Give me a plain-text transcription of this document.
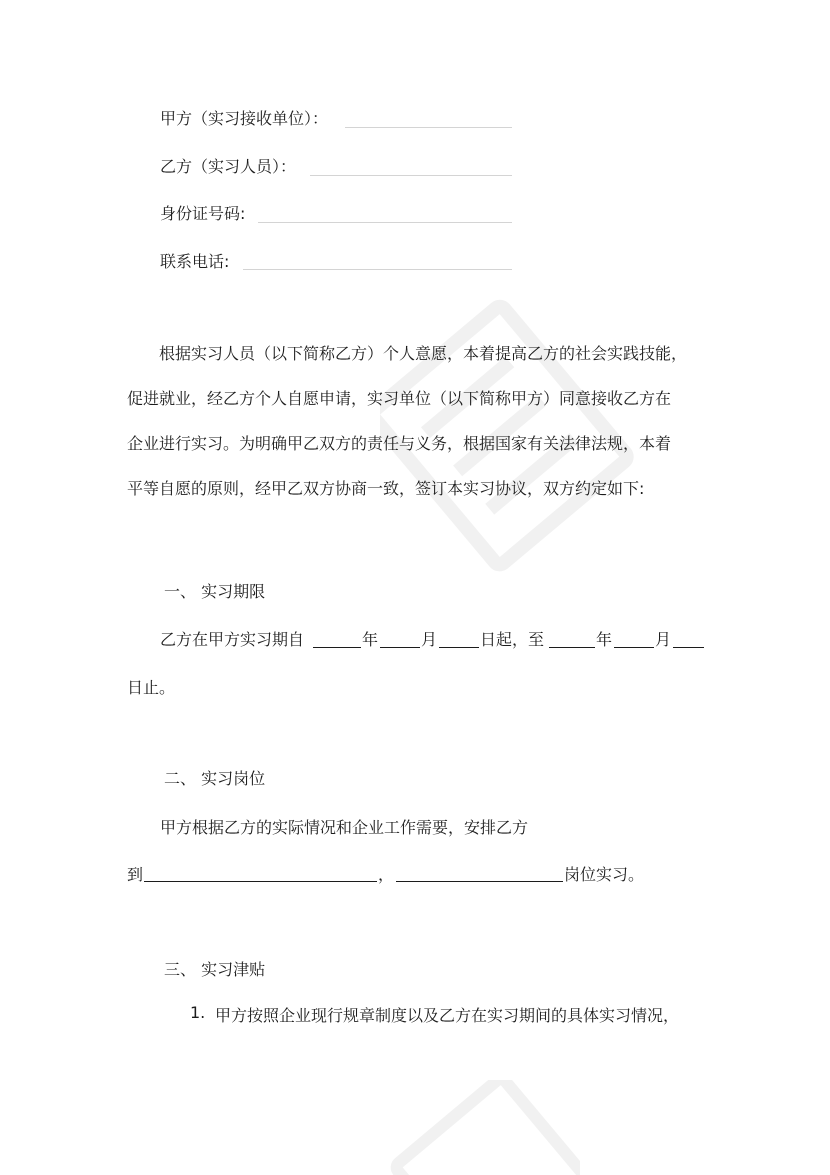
甲方（实习接收单位）：
乙方（实习人员）：
身份证号码:
联系电话:
根据实习人员（以下简称乙方）个人意愿，本着提高乙方的社会实践技能，
促进就业，经乙方个人自愿申请，实习单位（以下简称甲方）同意接收乙方在
企业进行实习。为明确甲乙双方的责任与义务，根据国家有关法律法规，本着
平等自愿的原则，经甲乙双方协商一致，签订本实习协议，双方约定如下:
一、 实习期限
乙方在甲方实习期自	年	月	日起，至	年	月
日止。
二、 实习岗位
甲方根据乙方的实际情况和企业工作需要，安排乙方
到	，	岗位实习。
三、 实习津贴
1. 甲方按照企业现行规章制度以及乙方在实习期间的具体实习情况，
